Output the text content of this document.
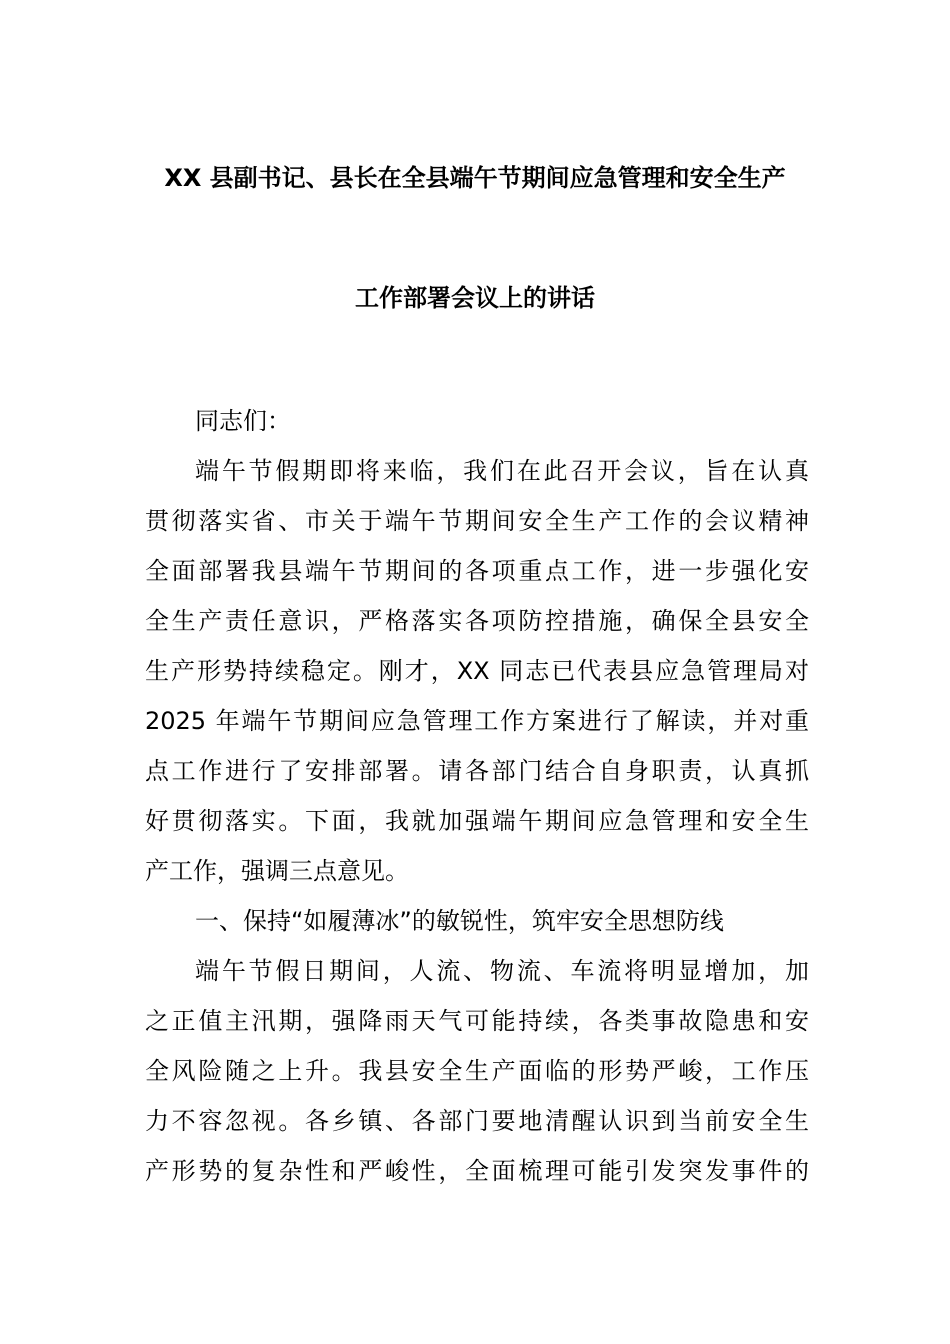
XX 县副书记、县长在全县端午节期间应急管理和安全生产
工作部署会议上的讲话
同志们：
端午节假期即将来临，我们在此召开会议，旨在认真
贯彻落实省、市关于端午节期间安全生产工作的会议精神
全面部署我县端午节期间的各项重点工作，进一步强化安
全生产责任意识，严格落实各项防控措施，确保全县安全
生产形势持续稳定。刚才，XX 同志已代表县应急管理局对
2025 年端午节期间应急管理工作方案进行了解读，并对重
点工作进行了安排部署。请各部门结合自身职责，认真抓
好贯彻落实。下面，我就加强端午期间应急管理和安全生
产工作，强调三点意见。
一、保持“如履薄冰”的敏锐性，筑牢安全思想防线
端午节假日期间，人流、物流、车流将明显增加，加
之正值主汛期，强降雨天气可能持续，各类事故隐患和安
全风险随之上升。我县安全生产面临的形势严峻，工作压
力不容忽视。各乡镇、各部门要地清醒认识到当前安全生
产形势的复杂性和严峻性，全面梳理可能引发突发事件的
